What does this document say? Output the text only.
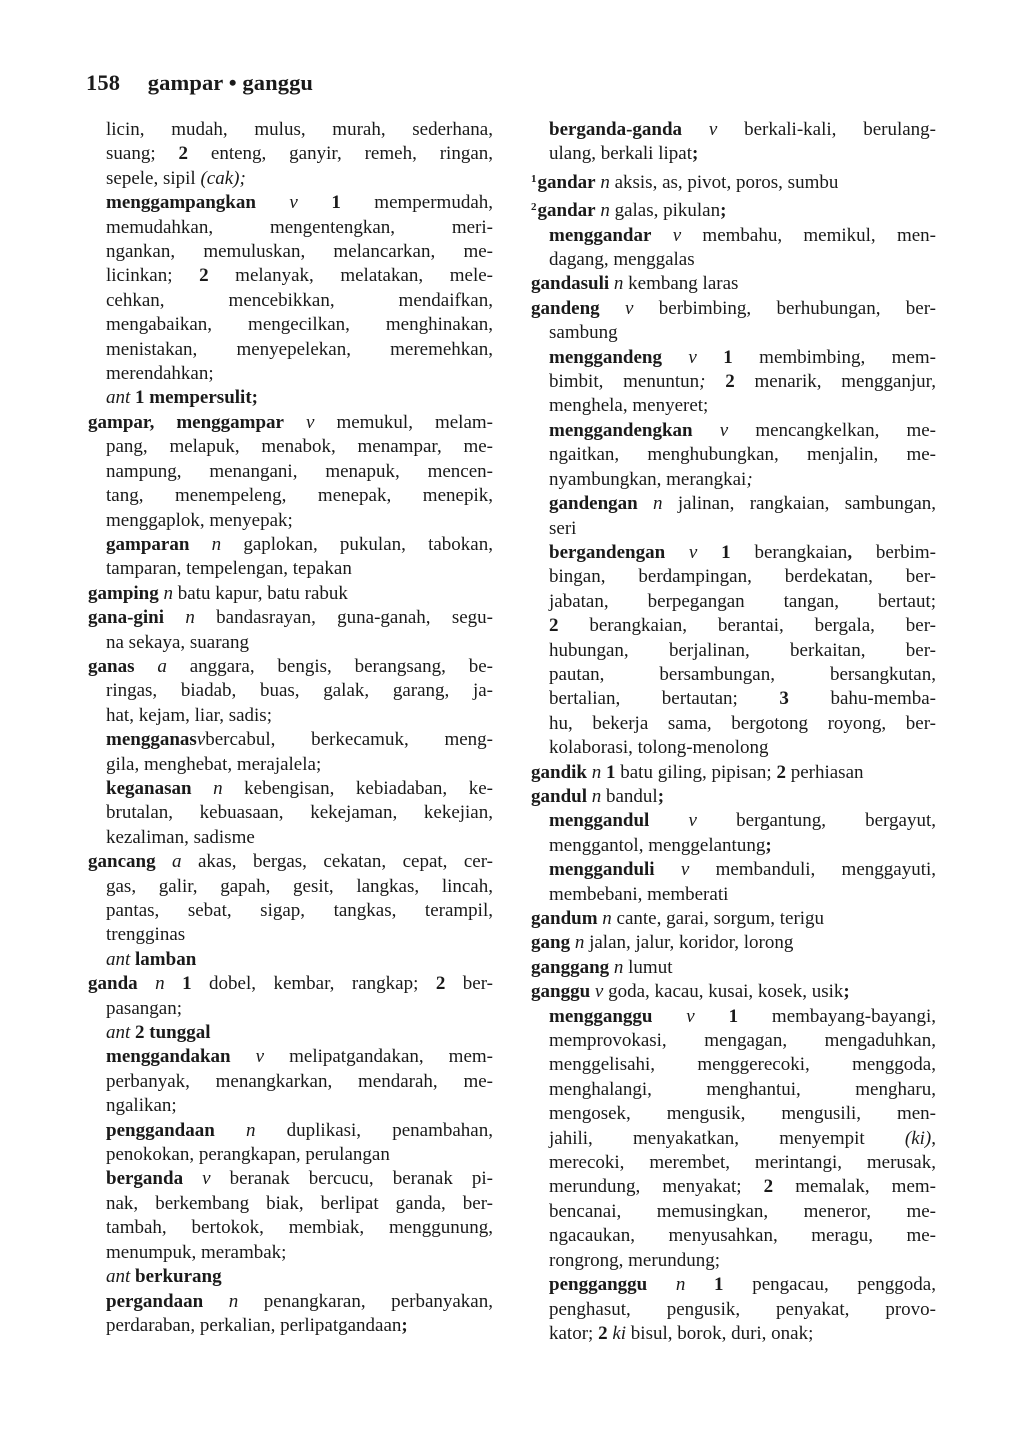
158 gampar • ganggu
licin, mudah, mulus, murah, sederhana,
suang; 2 enteng, ganyir, remeh, ringan,
sepele, sipil (cak);
menggampangkan v 1 mempermudah,
memudahkan, mengentengkan, meri-
ngankan, memuluskan, melancarkan, me-
licinkan; 2 melanyak, melatakan, mele-
cehkan, mencebikkan, mendaifkan,
mengabaikan, mengecilkan, menghinakan,
menistakan, menyepelekan, meremehkan,
merendahkan;
ant 1 mempersulit;
gampar, menggampar v memukul, melam-
pang, melapuk, menabok, menampar, me-
nampung, menangani, menapuk, mencen-
tang, menempeleng, menepak, menepik,
menggaplok, menyepak;
gamparan n gaplokan, pukulan, tabokan,
tamparan, tempelengan, tepakan
gamping n batu kapur, batu rabuk
gana-gini n bandasrayan, guna-ganah, segu-
na sekaya, suarang
ganas a anggara, bengis, berangsang, be-
ringas, biadab, buas, galak, garang, ja-
hat, kejam, liar, sadis;
mengganasvbercabul, berkecamuk, meng-
gila, menghebat, merajalela;
keganasan n kebengisan, kebiadaban, ke-
brutalan, kebuasaan, kekejaman, kekejian,
kezaliman, sadisme
gancang a akas, bergas, cekatan, cepat, cer-
gas, galir, gapah, gesit, langkas, lincah,
pantas, sebat, sigap, tangkas, terampil,
trengginas
ant lamban
ganda n 1 dobel, kembar, rangkap; 2 ber-
pasangan;
ant 2 tunggal
menggandakan v melipatgandakan, mem-
perbanyak, menangkarkan, mendarah, me-
ngalikan;
penggandaan n duplikasi, penambahan,
penokokan, perangkapan, perulangan
berganda v beranak bercucu, beranak pi-
nak, berkembang biak, berlipat ganda, ber-
tambah, bertokok, membiak, menggunung,
menumpuk, merambak;
ant berkurang
pergandaan n penangkaran, perbanyakan,
perdaraban, perkalian, perlipatgandaan;
berganda-ganda v berkali-kali, berulang-
ulang, berkali lipat;
$^1$gandar n aksis, as, pivot, poros, sumbu
$^2$gandar n galas, pikulan;
menggandar v membahu, memikul, men-
dagang, menggalas
gandasuli n kembang laras
gandeng v berbimbing, berhubungan, ber-
sambung
menggandeng v 1 membimbing, mem-
bimbit, menuntun; 2 menarik, mengganjur,
menghela, menyeret;
menggandengkan v mencangkelkan, me-
ngaitkan, menghubungkan, menjalin, me-
nyambungkan, merangkai;
gandengan n jalinan, rangkaian, sambungan,
seri
bergandengan v 1 berangkaian, berbim-
bingan, berdampingan, berdekatan, ber-
jabatan, berpegangan tangan, bertaut;
2 berangkaian, berantai, bergala, ber-
hubungan, berjalinan, berkaitan, ber-
pautan, bersambungan, bersangkutan,
bertalian, bertautan; 3 bahu-memba-
hu, bekerja sama, bergotong royong, ber-
kolaborasi, tolong-menolong
gandik n 1 batu giling, pipisan; 2 perhiasan
gandul n bandul;
menggandul v bergantung, bergayut,
menggantol, menggelantung;
mengganduli v membanduli, menggayuti,
membebani, memberati
gandum n cante, garai, sorgum, terigu
gang n jalan, jalur, koridor, lorong
ganggang n lumut
ganggu v goda, kacau, kusai, kosek, usik;
mengganggu v 1 membayang-bayangi,
memprovokasi, mengagan, mengaduhkan,
menggelisahi, menggerecoki, menggoda,
menghalangi, menghantui, mengharu,
mengosek, mengusik, mengusili, men-
jahili, menyakatkan, menyempit (ki),
merecoki, merembet, merintangi, merusak,
merundung, menyakat; 2 memalak, mem-
bencanai, memusingkan, meneror, me-
ngacaukan, menyusahkan, meragu, me-
rongrong, merundung;
pengganggu n 1 pengacau, penggoda,
penghasut, pengusik, penyakat, provo-
kator; 2 ki bisul, borok, duri, onak;
